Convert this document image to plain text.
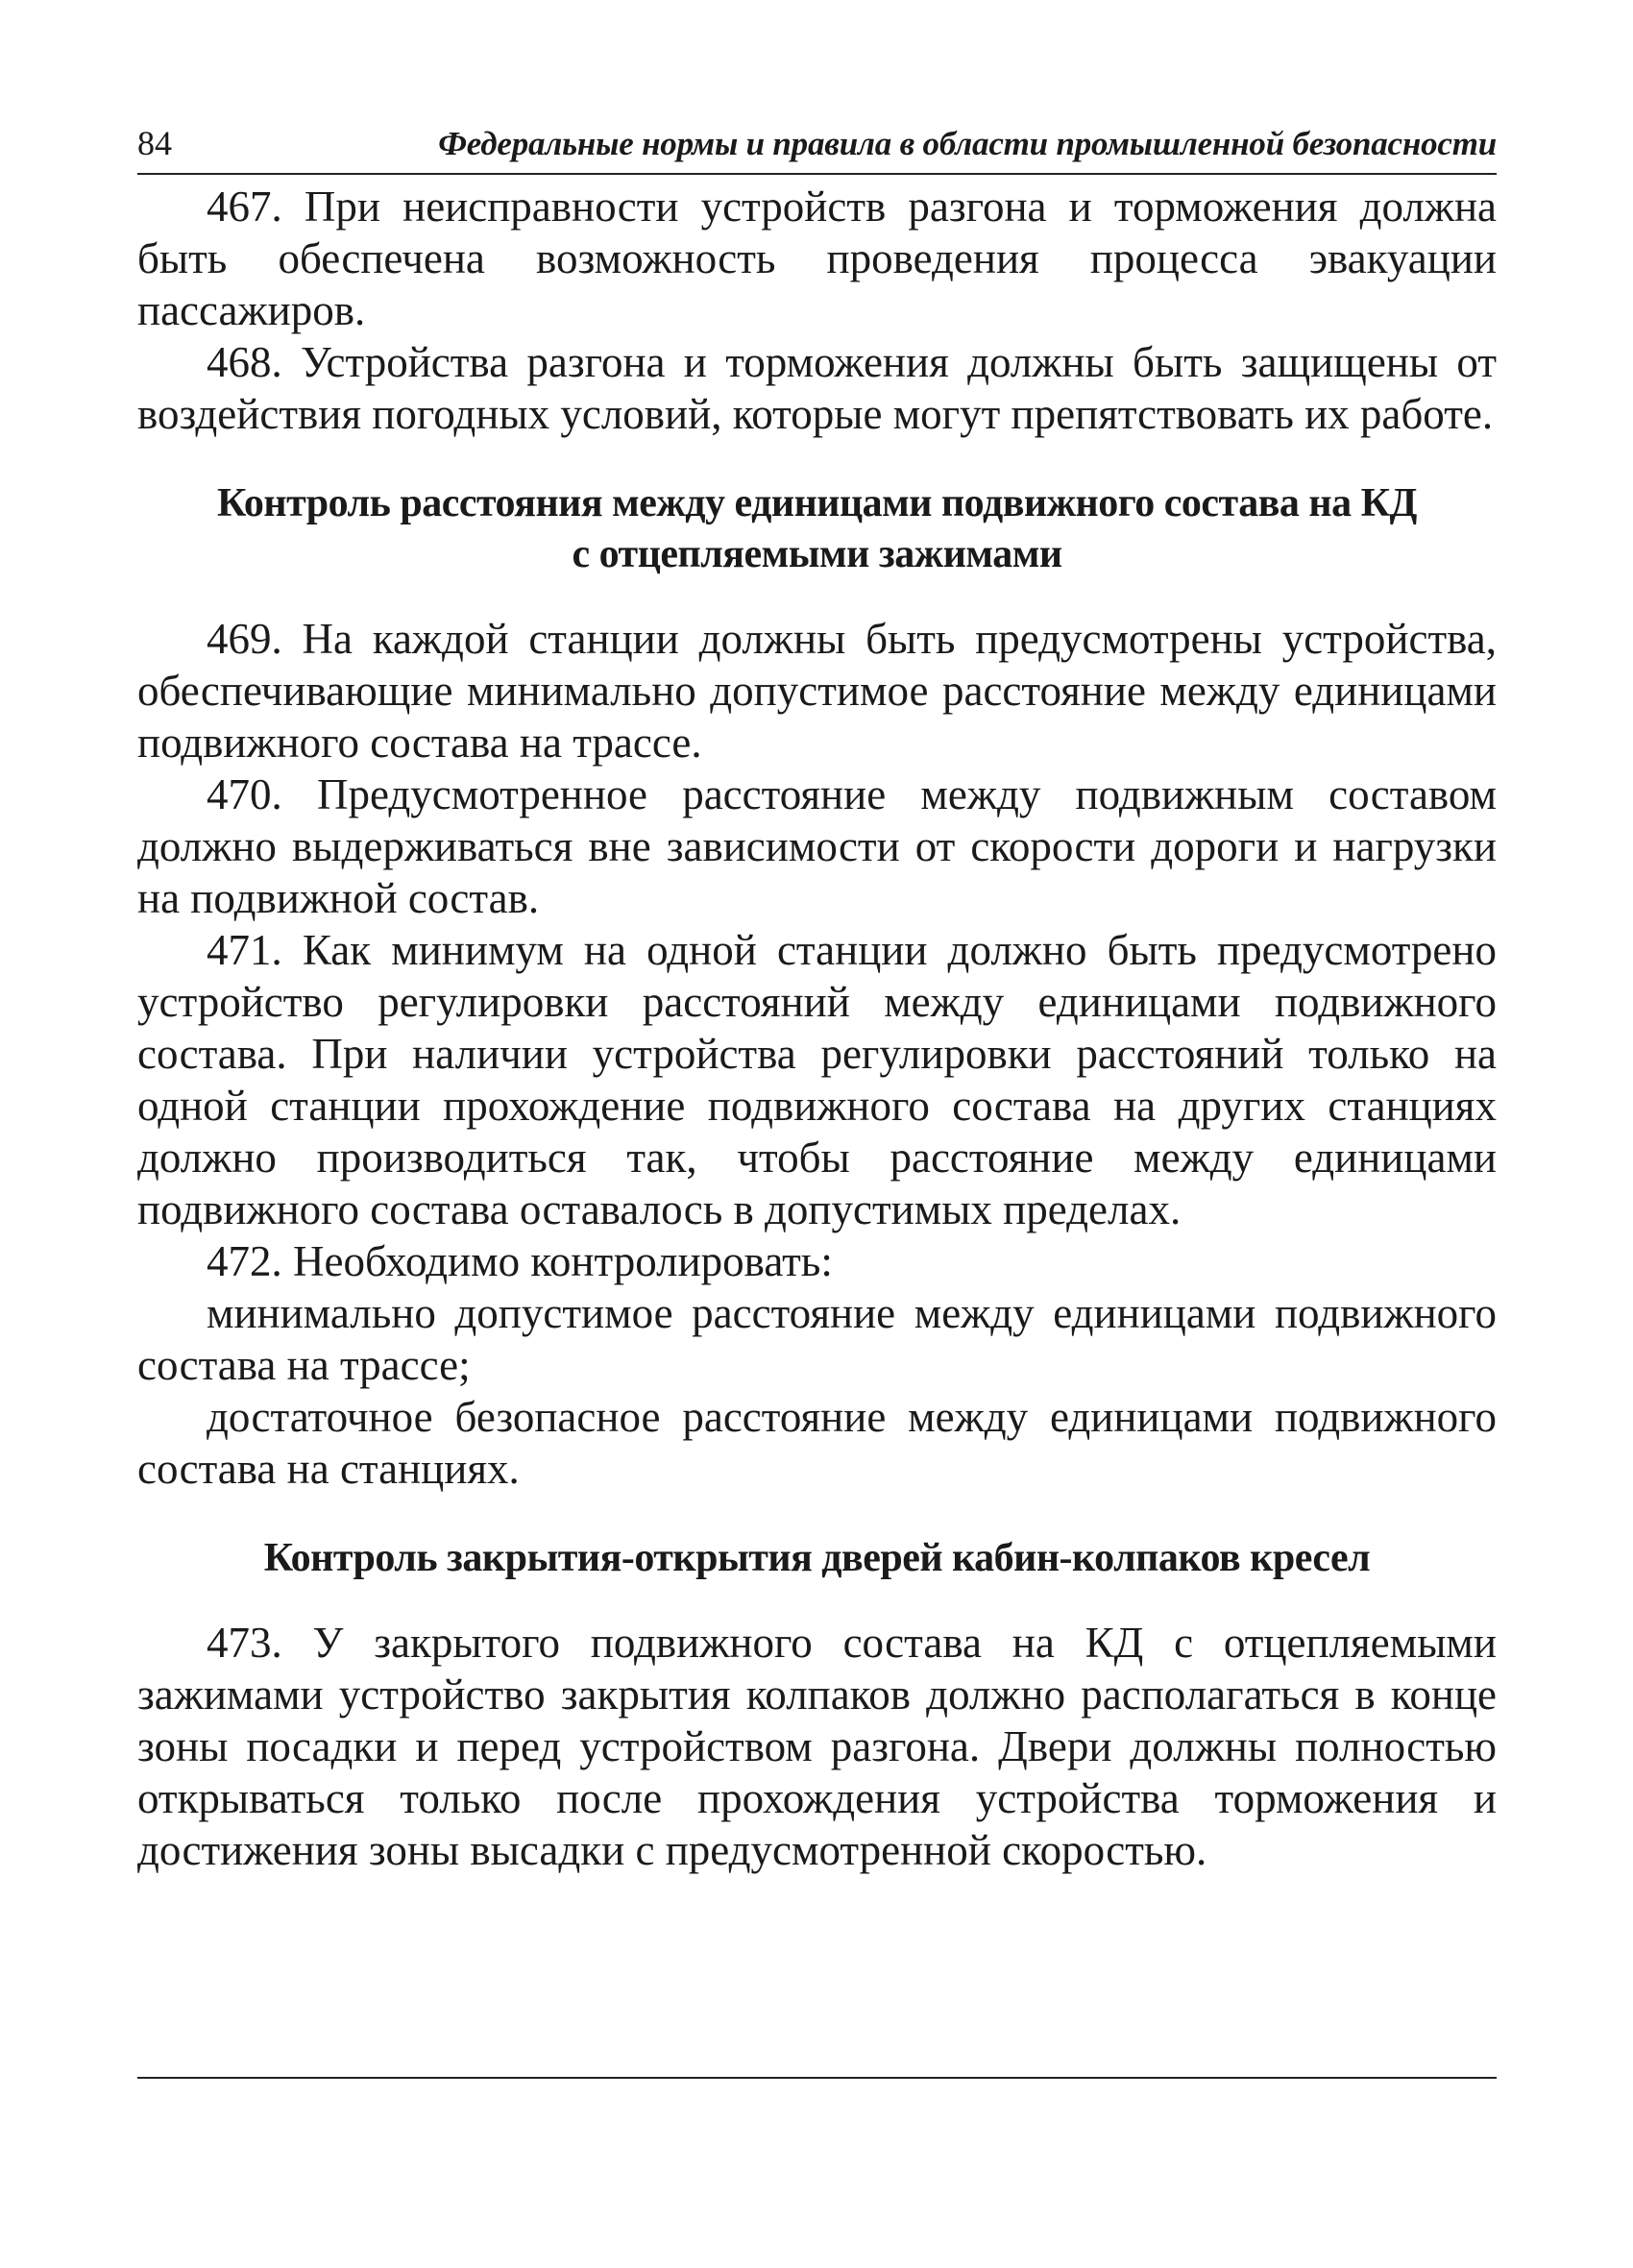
84	Федеральные нормы и правила в области промышленной безопасности

467. При неисправности устройств разгона и торможения должна быть обеспечена возможность проведения процесса эвакуации пассажиров.

468. Устройства разгона и торможения должны быть защищены от воздействия погодных условий, которые могут препятствовать их работе.

Контроль расстояния между единицами подвижного состава на КД

с отцепляемыми зажимами

469. На каждой станции должны быть предусмотрены устройства, обеспечивающие минимально допустимое расстояние между единицами подвижного состава на трассе.

470. Предусмотренное расстояние между подвижным составом должно выдерживаться вне зависимости от скорости дороги и нагрузки на подвижной состав.

471. Как минимум на одной станции должно быть предусмотрено устройство регулировки расстояний между единицами подвижного состава. При наличии устройства регулировки расстояний только на одной станции прохождение подвижного состава на других станциях должно производиться так, чтобы расстояние между единицами подвижного состава оставалось в допустимых пределах.

472. Необходимо контролировать:

минимально допустимое расстояние между единицами подвижного состава на трассе;

достаточное безопасное расстояние между единицами подвижного состава на станциях.

Контроль закрытия-открытия дверей кабин-колпаков кресел

473. У закрытого подвижного состава на КД с отцепляемыми зажимами устройство закрытия колпаков должно располагаться в конце зоны посадки и перед устройством разгона. Двери должны полностью открываться только после прохождения устройства торможения и достижения зоны высадки с предусмотренной скоростью.
